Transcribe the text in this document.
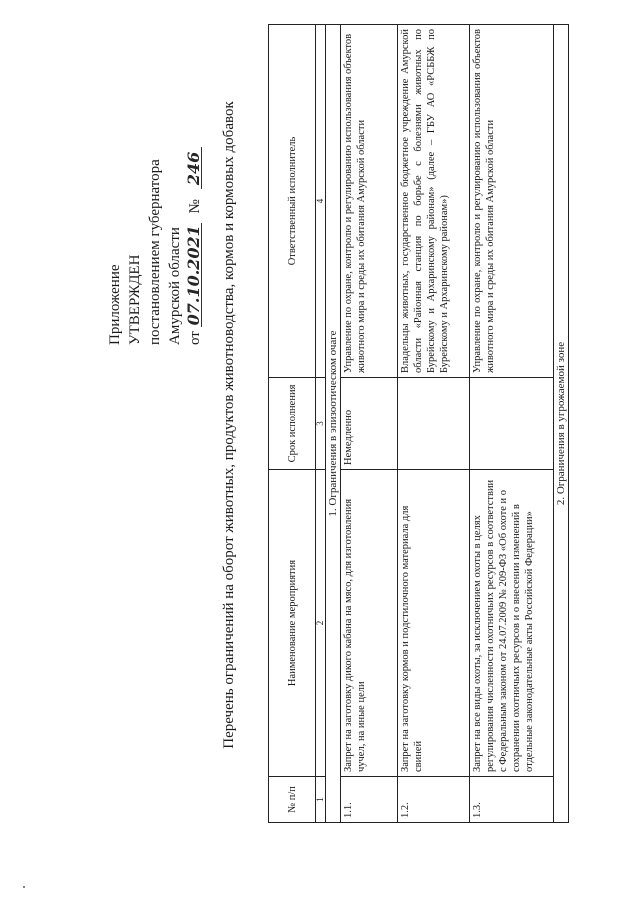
Приложение УТВЕРЖДЕН постановлением губернатора Амурской области от 07.10.2021 № 246 Перечень ограничений на оборот животных, продуктов животноводства, кормов и кормовых добавок
№ п/п	Наименование мероприятия	Срок исполнения	Ответственный исполнитель
1	2	3	4
1. Ограничения в эпизоотическом очаге			
1.1.	Запрет на заготовку дикого кабана на мясо, для изготовления чучел, на иные цели	Немедленно	Управление по охране, контролю и регулированию использования объектов животного мира и среды их обитания Амурской области
1.2.	Запрет на заготовку кормов и подстилочного материала для свиней		Владельцы животных, государственное бюджетное учреждение Амурской области «Районная станция по борьбе с болезнями животных по Бурейскому и Архаринскому районам» (далее – ГБУ АО «РСББЖ по Бурейскому и Архаринскому районам»)
1.3.	Запрет на все виды охоты, за исключением охоты в целях регулирования численности охотничьих ресурсов в соответствии с Федеральным законом от 24.07.2009 № 209-ФЗ «Об охоте и о сохранении охотничьих ресурсов и о внесении изменений в отдельные законодательные акты Российской Федерации»		Управление по охране, контролю и регулированию использования объектов животного мира и среды их обитания Амурской области
2. Ограничения в угрожаемой зоне			
